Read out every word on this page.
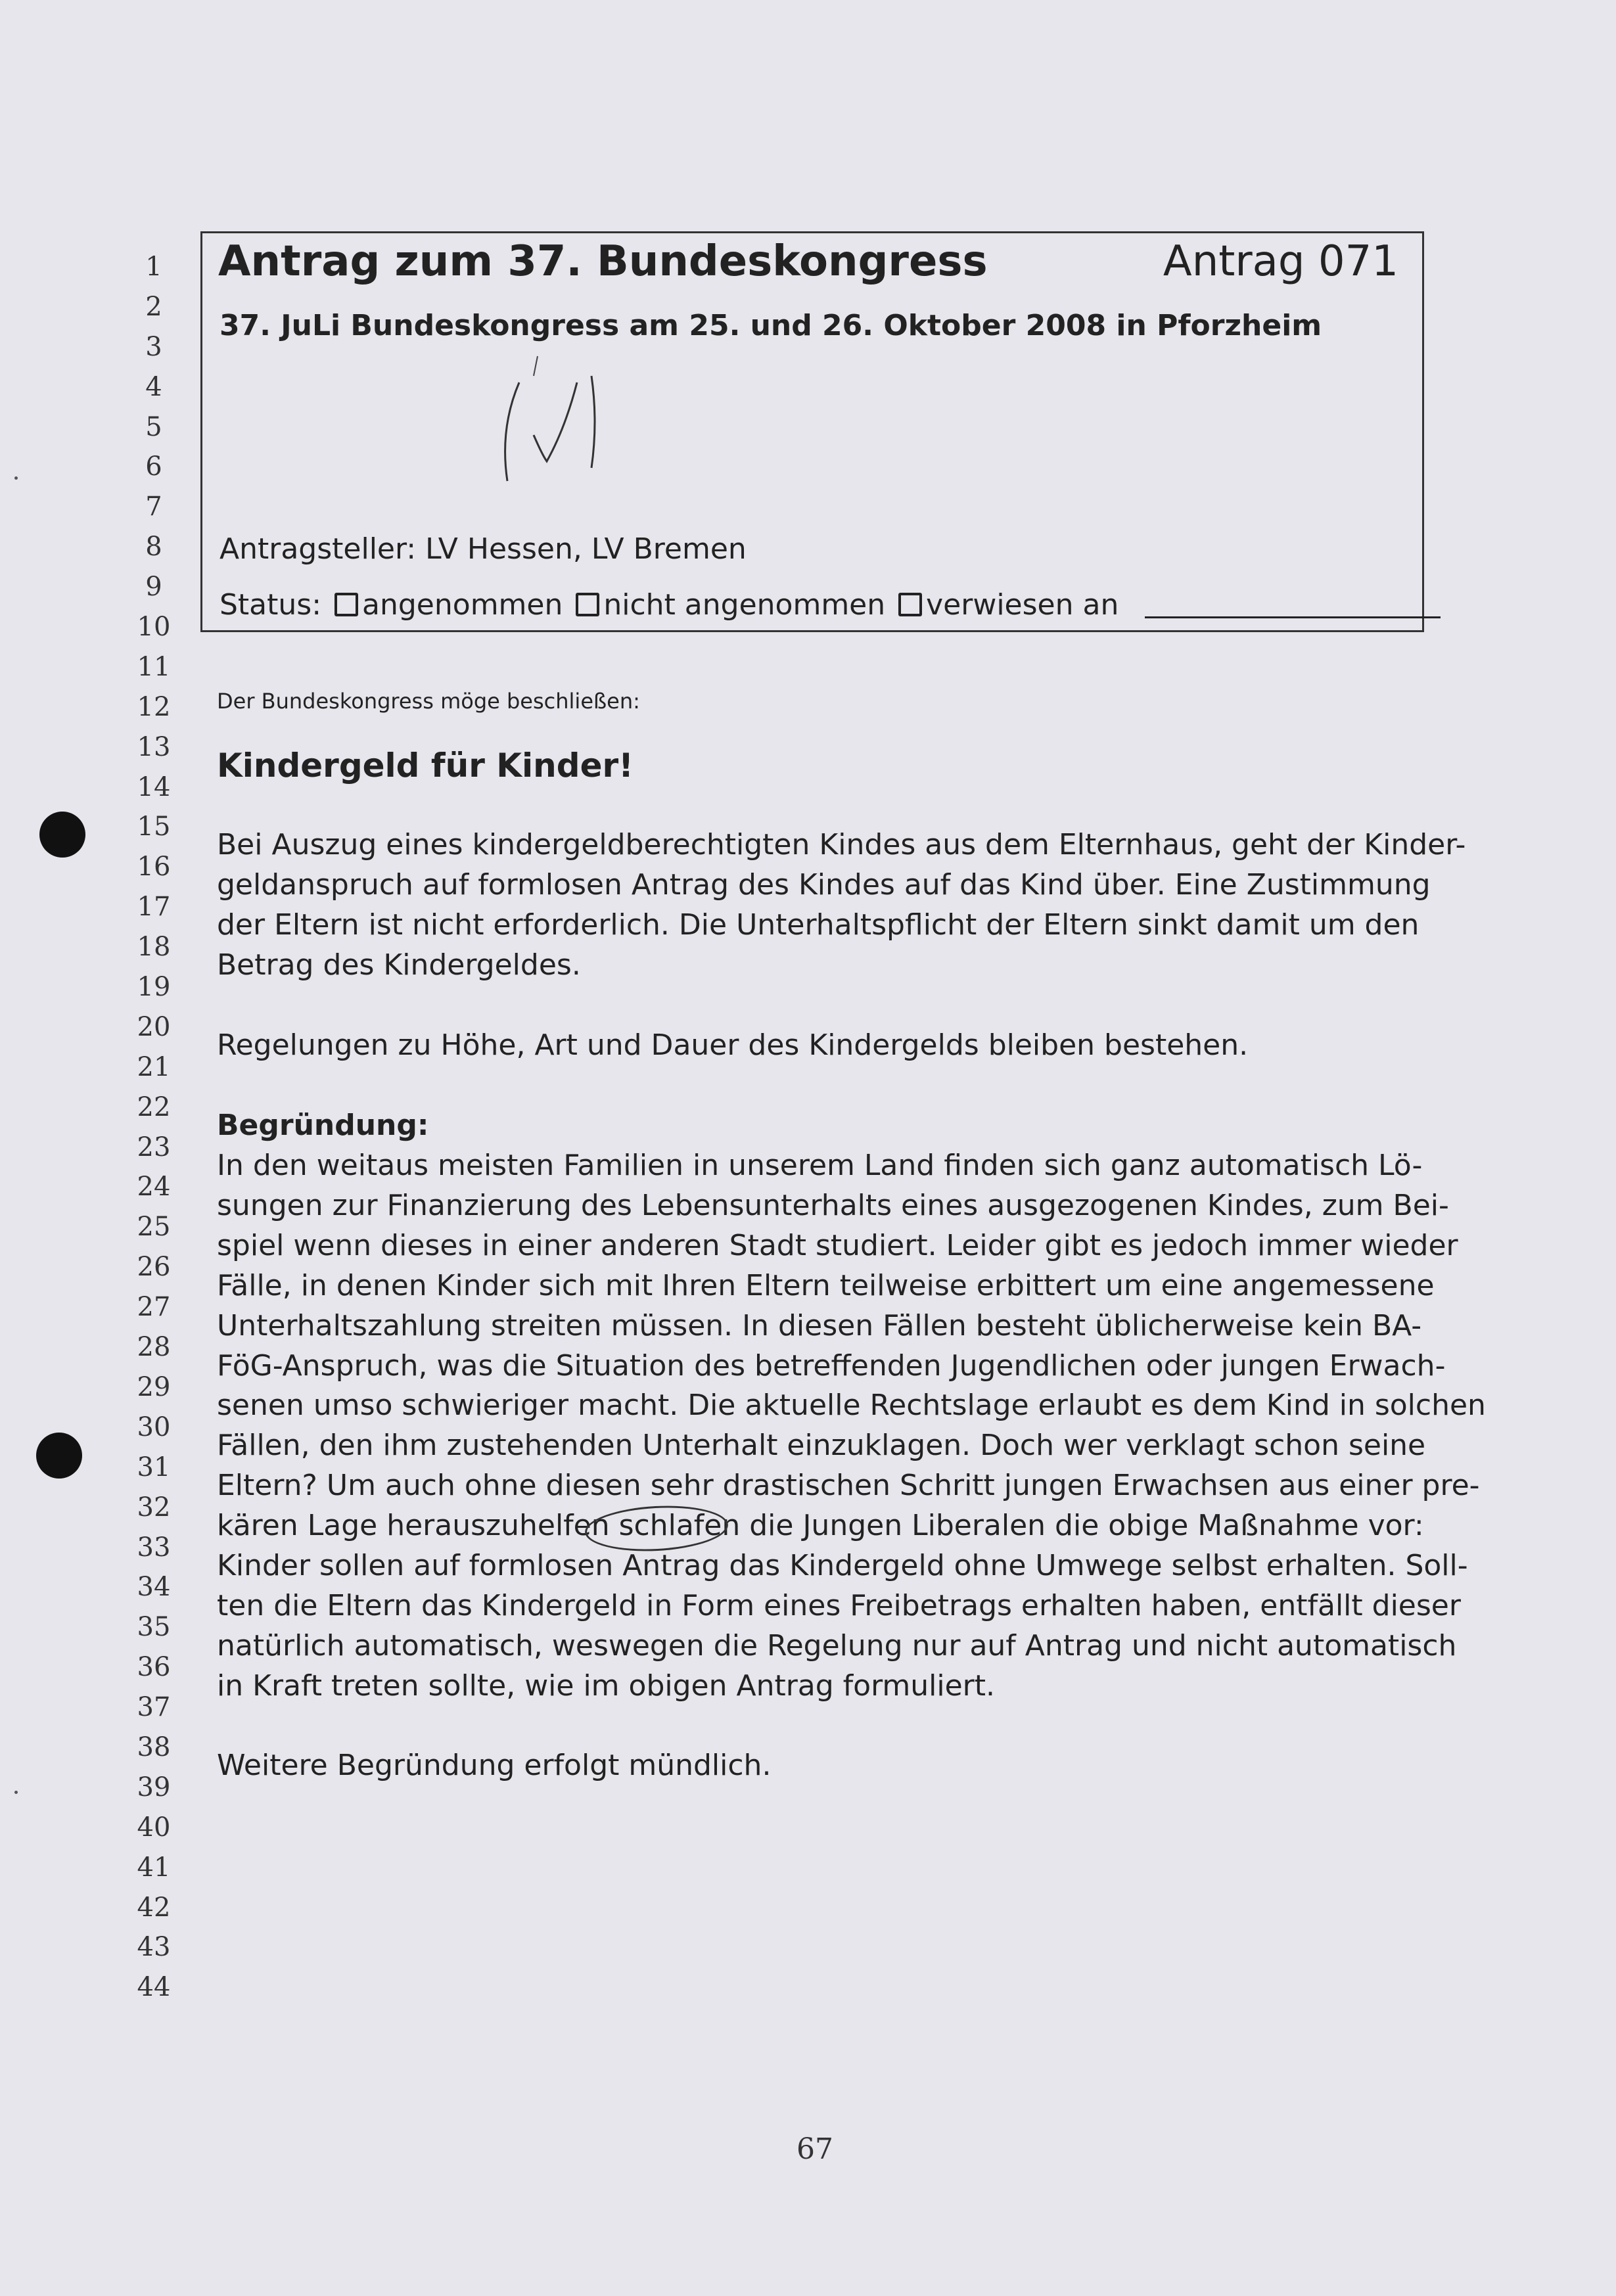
1
2
3
4
5
6
7
8
9
10
11
12
13
14
15
16
17
18
19
20
21
22
23
24
25
26
27
28
29
30
31
32
33
34
35
36
37
38
39
40
41
42
43
44
Antrag zum 37. Bundeskongress	Antrag 071
37. JuLi Bundeskongress am 25. und 26. Oktober 2008 in Pforzheim
Antragsteller: LV Hessen, LV Bremen
Status: angenommen nicht angenommen verwiesen an
Der Bundeskongress möge beschließen:
Kindergeld für Kinder!
Bei Auszug eines kindergeldberechtigten Kindes aus dem Elternhaus, geht der Kinder-
geldanspruch auf formlosen Antrag des Kindes auf das Kind über. Eine Zustimmung
der Eltern ist nicht erforderlich. Die Unterhaltspflicht der Eltern sinkt damit um den
Betrag des Kindergeldes.
Regelungen zu Höhe, Art und Dauer des Kindergelds bleiben bestehen.
Begründung:
In den weitaus meisten Familien in unserem Land finden sich ganz automatisch Lö-
sungen zur Finanzierung des Lebensunterhalts eines ausgezogenen Kindes, zum Bei-
spiel wenn dieses in einer anderen Stadt studiert. Leider gibt es jedoch immer wieder
Fälle, in denen Kinder sich mit Ihren Eltern teilweise erbittert um eine angemessene
Unterhaltszahlung streiten müssen. In diesen Fällen besteht üblicherweise kein BA-
FöG-Anspruch, was die Situation des betreffenden Jugendlichen oder jungen Erwach-
senen umso schwieriger macht. Die aktuelle Rechtslage erlaubt es dem Kind in solchen
Fällen, den ihm zustehenden Unterhalt einzuklagen. Doch wer verklagt schon seine
Eltern? Um auch ohne diesen sehr drastischen Schritt jungen Erwachsen aus einer pre-
kären Lage herauszuhelfen schlafen die Jungen Liberalen die obige Maßnahme vor:
Kinder sollen auf formlosen Antrag das Kindergeld ohne Umwege selbst erhalten. Soll-
ten die Eltern das Kindergeld in Form eines Freibetrags erhalten haben, entfällt dieser
natürlich automatisch, weswegen die Regelung nur auf Antrag und nicht automatisch
in Kraft treten sollte, wie im obigen Antrag formuliert.
Weitere Begründung erfolgt mündlich.
67
